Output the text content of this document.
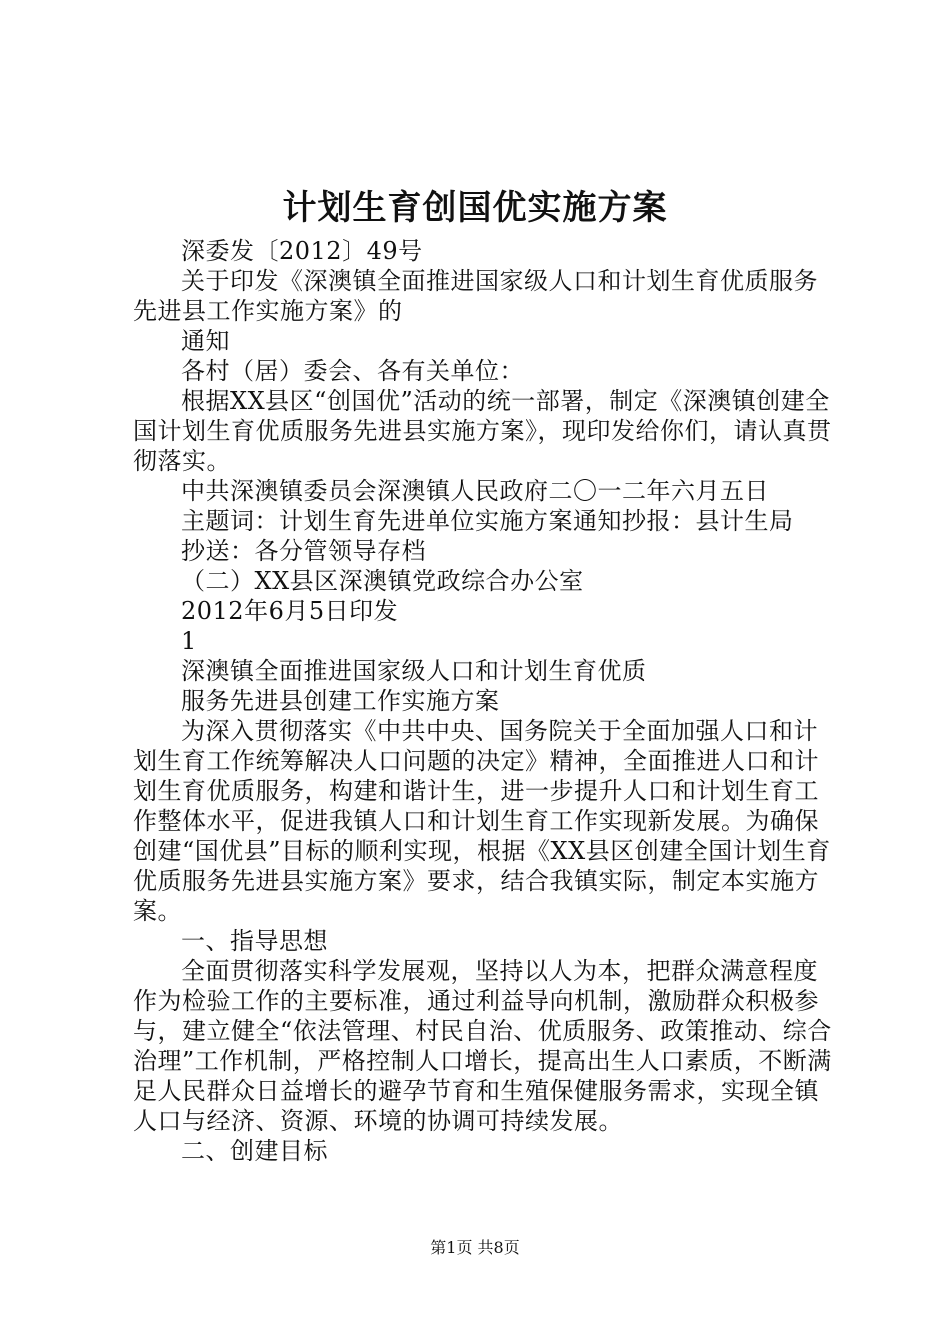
计划生育创国优实施方案

深委发〔2012〕49号

关于印发《深澳镇全面推进国家级人口和计划生育优质服务先进县工作实施方案》的

通知

各村（居）委会、各有关单位：

根据XX县区“创国优”活动的统一部署，制定《深澳镇创建全国计划生育优质服务先进县实施方案》，现印发给你们，请认真贯彻落实。

中共深澳镇委员会深澳镇人民政府二〇一二年六月五日

主题词：计划生育先进单位实施方案通知抄报：县计生局

抄送：各分管领导存档

（二）XX县区深澳镇党政综合办公室

2012年6月5日印发

1

深澳镇全面推进国家级人口和计划生育优质

服务先进县创建工作实施方案

为深入贯彻落实《中共中央、国务院关于全面加强人口和计划生育工作统筹解决人口问题的决定》精神，全面推进人口和计划生育优质服务，构建和谐计生，进一步提升人口和计划生育工作整体水平，促进我镇人口和计划生育工作实现新发展。为确保创建“国优县”目标的顺利实现，根据《XX县区创建全国计划生育优质服务先进县实施方案》要求，结合我镇实际，制定本实施方案。

一、指导思想

全面贯彻落实科学发展观，坚持以人为本，把群众满意程度作为检验工作的主要标准，通过利益导向机制，激励群众积极参与，建立健全“依法管理、村民自治、优质服务、政策推动、综合治理”工作机制，严格控制人口增长，提高出生人口素质，不断满足人民群众日益增长的避孕节育和生殖保健服务需求，实现全镇人口与经济、资源、环境的协调可持续发展。

二、创建目标

第1页 共8页
